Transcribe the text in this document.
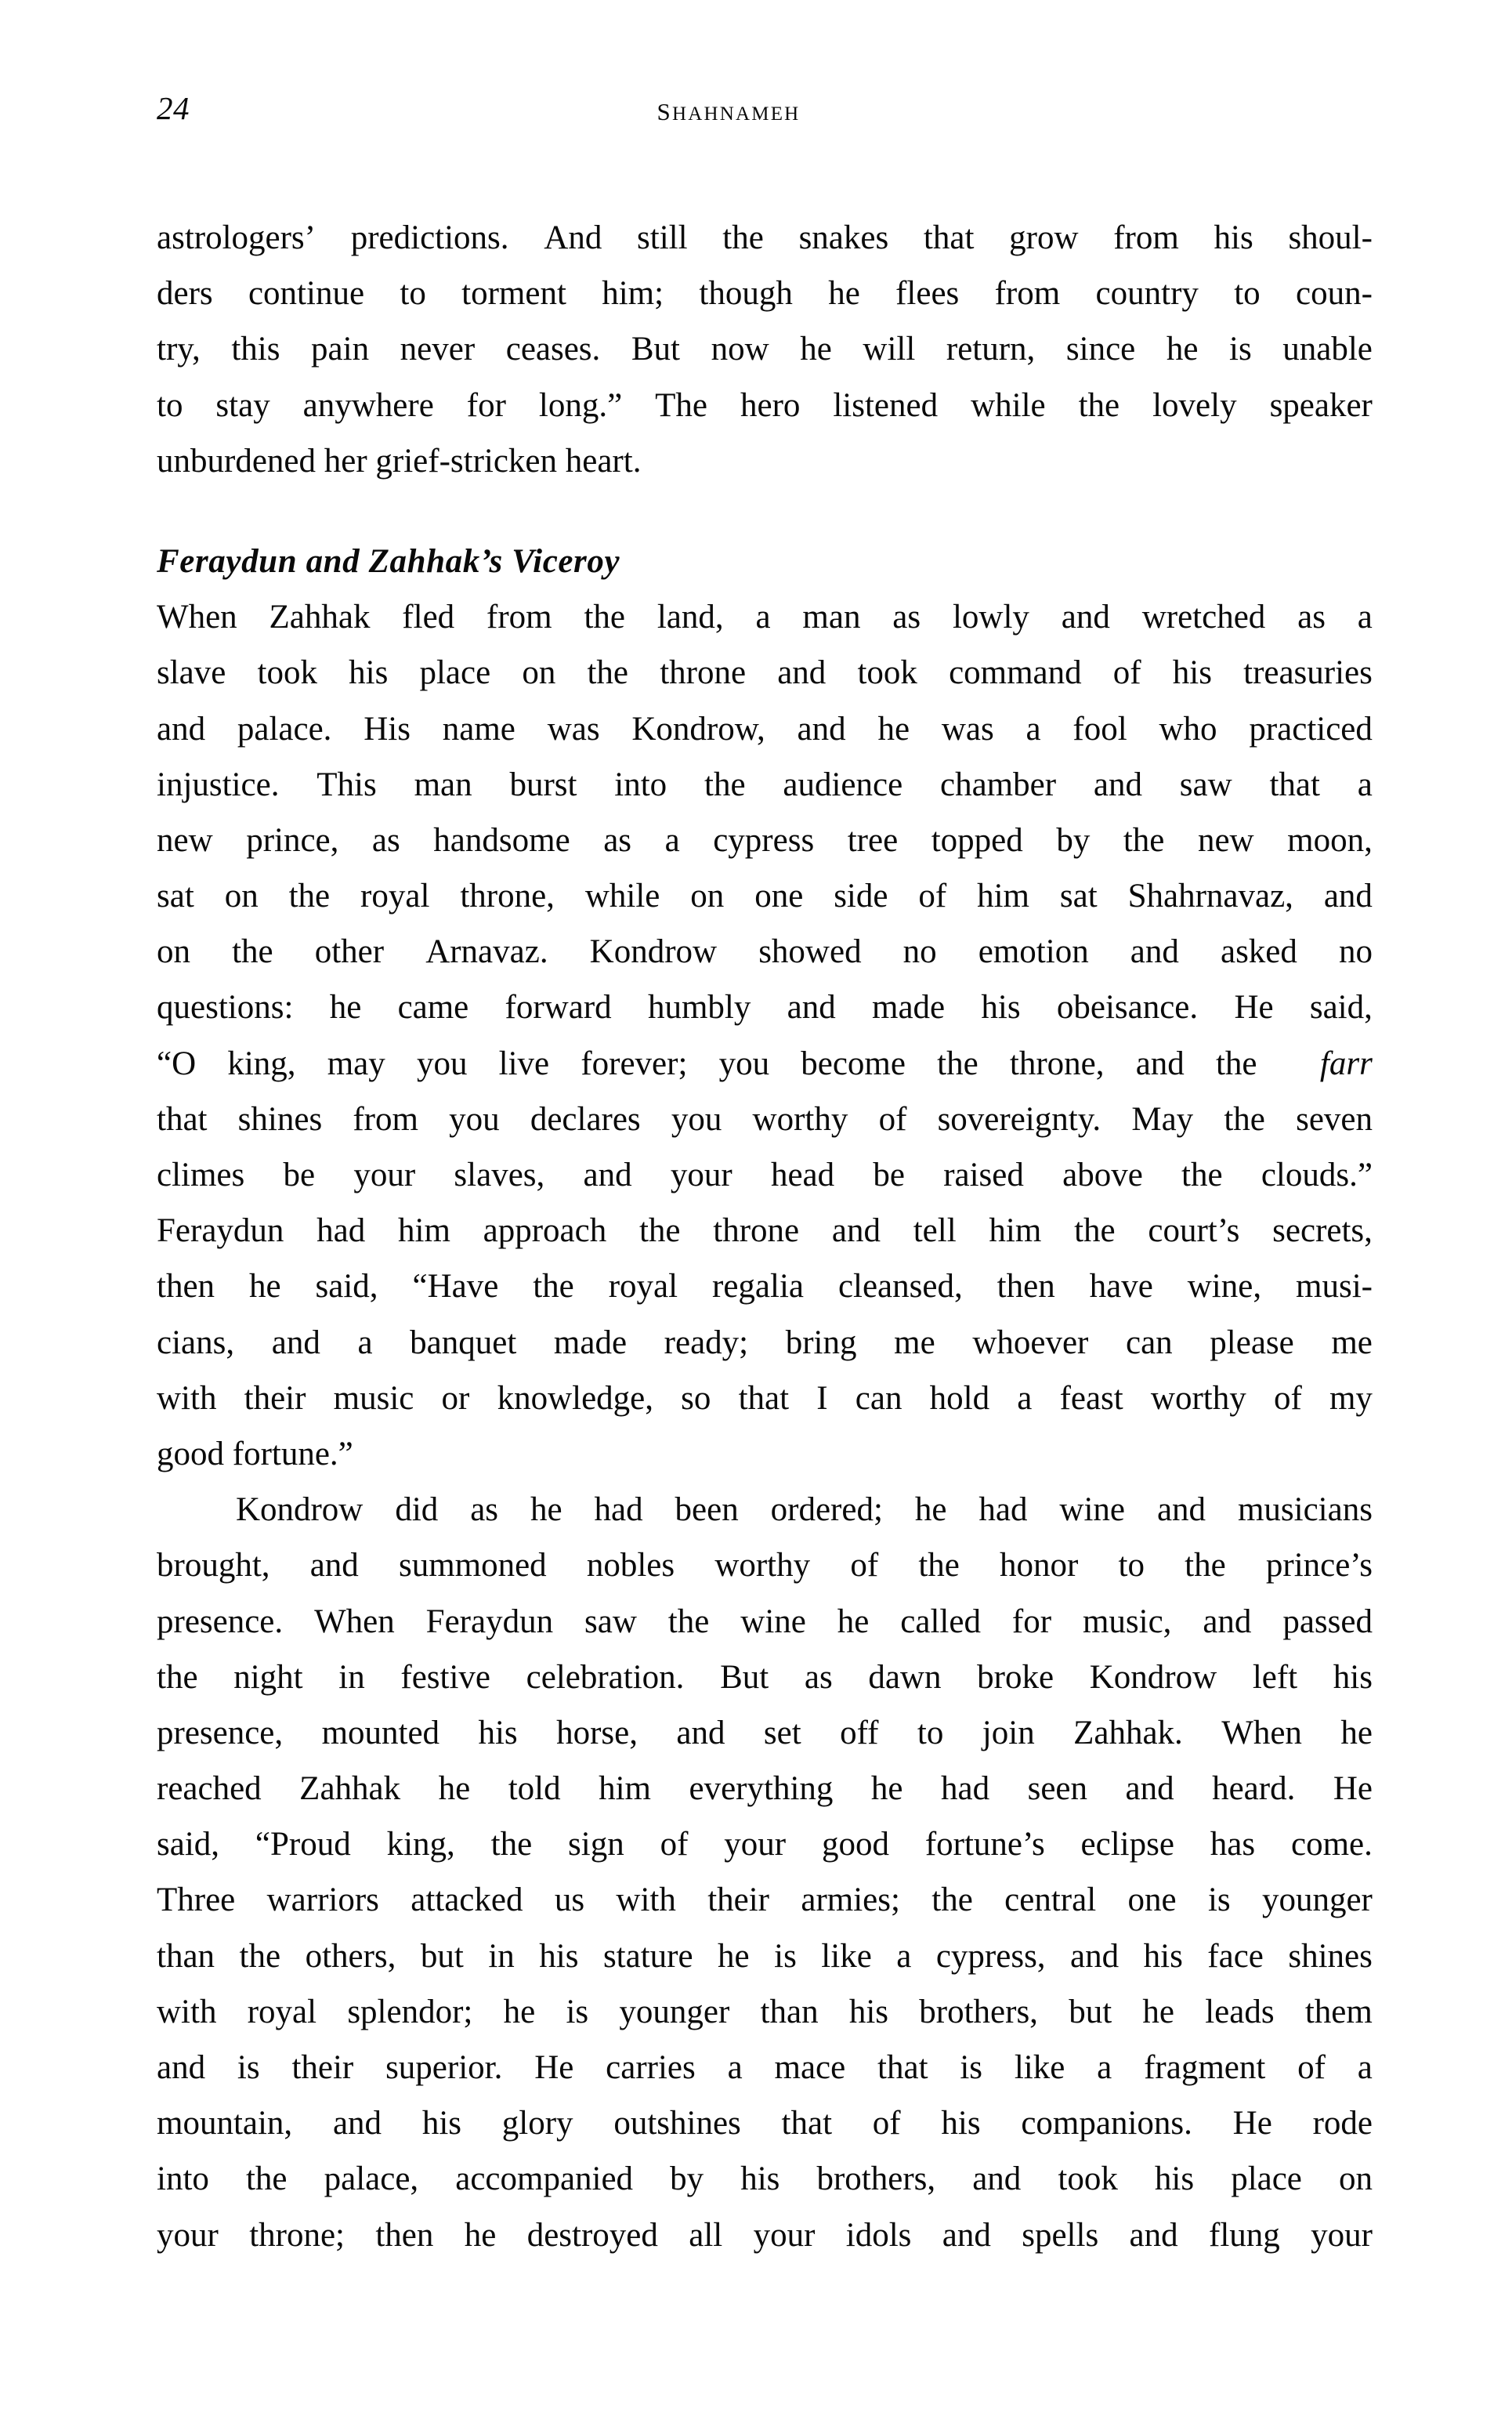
24	shahnameh
astrologers’ predictions. And still the snakes that grow from his shoul-
ders continue to torment him; though he flees from country to coun-
try, this pain never ceases. But now he will return, since he is unable
to stay anywhere for long.” The hero listened while the lovely speaker
unburdened her grief-stricken heart.
Feraydun and Zahhak’s Viceroy
When Zahhak fled from the land, a man as lowly and wretched as a
slave took his place on the throne and took command of his treasuries
and palace. His name was Kondrow, and he was a fool who practiced
injustice. This man burst into the audience chamber and saw that a
new prince, as handsome as a cypress tree topped by the new moon,
sat on the royal throne, while on one side of him sat Shahrnavaz, and
on the other Arnavaz. Kondrow showed no emotion and asked no
questions: he came forward humbly and made his obeisance. He said,
“O king, may you live forever; you become the throne, and the farr
that shines from you declares you worthy of sovereignty. May the seven
climes be your slaves, and your head be raised above the clouds.”
Feraydun had him approach the throne and tell him the court’s secrets,
then he said, “Have the royal regalia cleansed, then have wine, musi-
cians, and a banquet made ready; bring me whoever can please me
with their music or knowledge, so that I can hold a feast worthy of my
good fortune.”
Kondrow did as he had been ordered; he had wine and musicians
brought, and summoned nobles worthy of the honor to the prince’s
presence. When Feraydun saw the wine he called for music, and passed
the night in festive celebration. But as dawn broke Kondrow left his
presence, mounted his horse, and set off to join Zahhak. When he
reached Zahhak he told him everything he had seen and heard. He
said, “Proud king, the sign of your good fortune’s eclipse has come.
Three warriors attacked us with their armies; the central one is younger
than the others, but in his stature he is like a cypress, and his face shines
with royal splendor; he is younger than his brothers, but he leads them
and is their superior. He carries a mace that is like a fragment of a
mountain, and his glory outshines that of his companions. He rode
into the palace, accompanied by his brothers, and took his place on
your throne; then he destroyed all your idols and spells and flung your
